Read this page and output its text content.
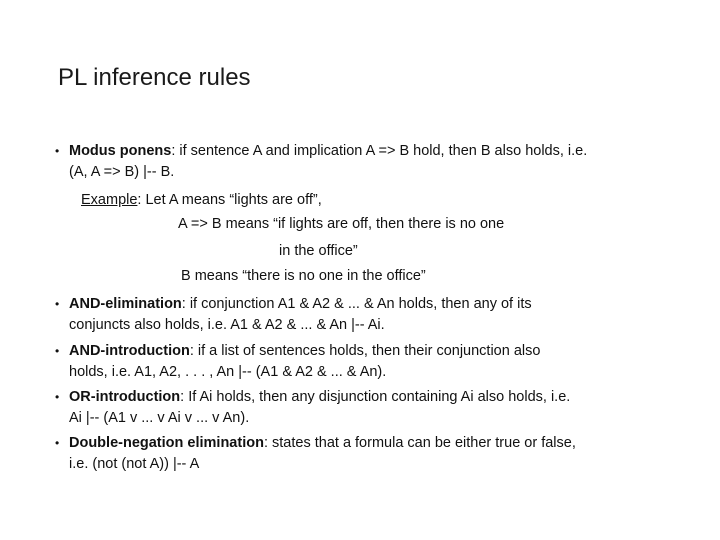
PL inference rules
• Modus ponens: if sentence A and implication A => B hold, then B also holds, i.e.
(A, A => B) |-- B.
Example: Let A means “lights are off”,
A => B means “if lights are off, then there is no one
in the office”
B means “there is no one in the office”
• AND-elimination: if conjunction A1 & A2 & ... & An holds, then any of its
conjuncts also holds, i.e. A1 & A2 & ... & An |-- Ai.
• AND-introduction: if a list of sentences holds, then their conjunction also
holds, i.e. A1, A2, . . . , An |-- (A1 & A2 & ... & An).
• OR-introduction: If Ai holds, then any disjunction containing Ai also holds, i.e.
Ai |-- (A1 v ... v Ai v ... v An).
• Double-negation elimination: states that a formula can be either true or false,
i.e. (not (not A)) |-- A
